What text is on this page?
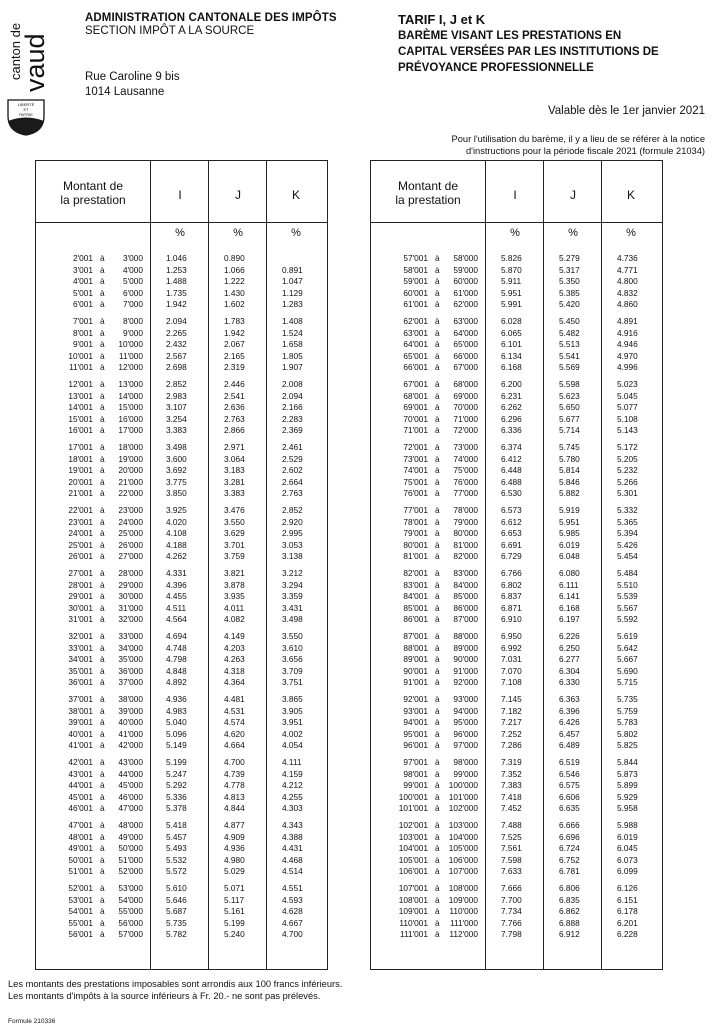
canton de
vaud
LIBERTÉ
ET
PATRIE
ADMINISTRATION CANTONALE DES IMPÔTS
SECTION IMPÔT A LA SOURCE
Rue Caroline 9 bis
1014 Lausanne
TARIF I, J et K
BARÈME VISANT LES PRESTATIONS EN
CAPITAL VERSÉES PAR LES INSTITUTIONS DE
PRÉVOYANCE PROFESSIONNELLE
Valable dès le 1er janvier 2021
Pour l'utilisation du barème, il y a lieu de se référer à la notice
d'instructions pour la période fiscale 2021 (formule 21034)
Montant de
la prestation	I	J	K
%	%	%
2'001 à 3'000	1.046	0.890
3'001 à 4'000	1.253	1.066	0.891
4'001 à 5'000	1.488	1.222	1.047
5'001 à 6'000	1.735	1.430	1.129
6'001 à 7'000	1.942	1.602	1.283
7'001 à 8'000	2.094	1.783	1.408
8'001 à 9'000	2.265	1.942	1.524
9'001 à 10'000	2.432	2.067	1.658
10'001 à 11'000	2.567	2.165	1.805
11'001 à 12'000	2.698	2.319	1.907
12'001 à 13'000	2.852	2.446	2.008
13'001 à 14'000	2.983	2.541	2.094
14'001 à 15'000	3.107	2.636	2.166
15'001 à 16'000	3.254	2.763	2.283
16'001 à 17'000	3.383	2.866	2.369
17'001 à 18'000	3.498	2.971	2.461
18'001 à 19'000	3.600	3.064	2.529
19'001 à 20'000	3.692	3.183	2.602
20'001 à 21'000	3.775	3.281	2.664
21'001 à 22'000	3.850	3.383	2.763
22'001 à 23'000	3.925	3.476	2.852
23'001 à 24'000	4.020	3.550	2.920
24'001 à 25'000	4.108	3.629	2.995
25'001 à 26'000	4.188	3.701	3.053
26'001 à 27'000	4.262	3.759	3.138
27'001 à 28'000	4.331	3.821	3.212
28'001 à 29'000	4.396	3.878	3.294
29'001 à 30'000	4.455	3.935	3.359
30'001 à 31'000	4.511	4.011	3.431
31'001 à 32'000	4.564	4.082	3.498
32'001 à 33'000	4.694	4.149	3.550
33'001 à 34'000	4.748	4.203	3.610
34'001 à 35'000	4.798	4.263	3.656
35'001 à 36'000	4.848	4.318	3.709
36'001 à 37'000	4.892	4.364	3.751
37'001 à 38'000	4.936	4.481	3.865
38'001 à 39'000	4.983	4.531	3.905
39'001 à 40'000	5.040	4.574	3.951
40'001 à 41'000	5.096	4.620	4.002
41'001 à 42'000	5.149	4.664	4.054
42'001 à 43'000	5.199	4.700	4.111
43'001 à 44'000	5.247	4.739	4.159
44'001 à 45'000	5.292	4.778	4.212
45'001 à 46'000	5.336	4.813	4.255
46'001 à 47'000	5.378	4.844	4.303
47'001 à 48'000	5.418	4.877	4.343
48'001 à 49'000	5.457	4.909	4.388
49'001 à 50'000	5.493	4.936	4.431
50'001 à 51'000	5.532	4.980	4.468
51'001 à 52'000	5.572	5.029	4.514
52'001 à 53'000	5.610	5.071	4.551
53'001 à 54'000	5.646	5.117	4.593
54'001 à 55'000	5.687	5.161	4.628
55'001 à 56'000	5.735	5.199	4.667
56'001 à 57'000	5.782	5.240	4.700
Montant de
la prestation	I	J	K
%	%	%
57'001 à 58'000	5.826	5.279	4.736
58'001 à 59'000	5.870	5.317	4.771
59'001 à 60'000	5.911	5.350	4.800
60'001 à 61'000	5.951	5.385	4.832
61'001 à 62'000	5.991	5.420	4.860
62'001 à 63'000	6.028	5.450	4.891
63'001 à 64'000	6.065	5.482	4.916
64'001 à 65'000	6.101	5.513	4.946
65'001 à 66'000	6.134	5.541	4.970
66'001 à 67'000	6.168	5.569	4.996
67'001 à 68'000	6.200	5.598	5.023
68'001 à 69'000	6.231	5.623	5.045
69'001 à 70'000	6.262	5.650	5.077
70'001 à 71'000	6.296	5.677	5.108
71'001 à 72'000	6.336	5.714	5.143
72'001 à 73'000	6.374	5.745	5.172
73'001 à 74'000	6.412	5.780	5.205
74'001 à 75'000	6.448	5.814	5.232
75'001 à 76'000	6.488	5.846	5.266
76'001 à 77'000	6.530	5.882	5.301
77'001 à 78'000	6.573	5.919	5.332
78'001 à 79'000	6.612	5.951	5.365
79'001 à 80'000	6.653	5.985	5.394
80'001 à 81'000	6.691	6.019	5.426
81'001 à 82'000	6.729	6.048	5.454
82'001 à 83'000	6.766	6.080	5.484
83'001 à 84'000	6.802	6.111	5.510
84'001 à 85'000	6.837	6.141	5.539
85'001 à 86'000	6.871	6.168	5.567
86'001 à 87'000	6.910	6.197	5.592
87'001 à 88'000	6.950	6.226	5.619
88'001 à 89'000	6.992	6.250	5.642
89'001 à 90'000	7.031	6.277	5.667
90'001 à 91'000	7.070	6.304	5.690
91'001 à 92'000	7.108	6.330	5.715
92'001 à 93'000	7.145	6.363	5.735
93'001 à 94'000	7.182	6.396	5.759
94'001 à 95'000	7.217	6.426	5.783
95'001 à 96'000	7.252	6.457	5.802
96'001 à 97'000	7.286	6.489	5.825
97'001 à 98'000	7.319	6.519	5.844
98'001 à 99'000	7.352	6.546	5.873
99'001 à 100'000	7.383	6.575	5.899
100'001 à 101'000	7.418	6.606	5.929
101'001 à 102'000	7.452	6.635	5.958
102'001 à 103'000	7.488	6.666	5.988
103'001 à 104'000	7.525	6.696	6.019
104'001 à 105'000	7.561	6.724	6.045
105'001 à 106'000	7.598	6.752	6.073
106'001 à 107'000	7.633	6.781	6.099
107'001 à 108'000	7.666	6.806	6.126
108'001 à 109'000	7.700	6.835	6.151
109'001 à 110'000	7.734	6.862	6.178
110'001 à 111'000	7.766	6.888	6.201
111'001 à 112'000	7.798	6.912	6.228
Les montants des prestations imposables sont arrondis aux 100 francs inférieurs.
Les montants d'impôts à la source inférieurs à Fr. 20.- ne sont pas prélevés.
Formule 210336
